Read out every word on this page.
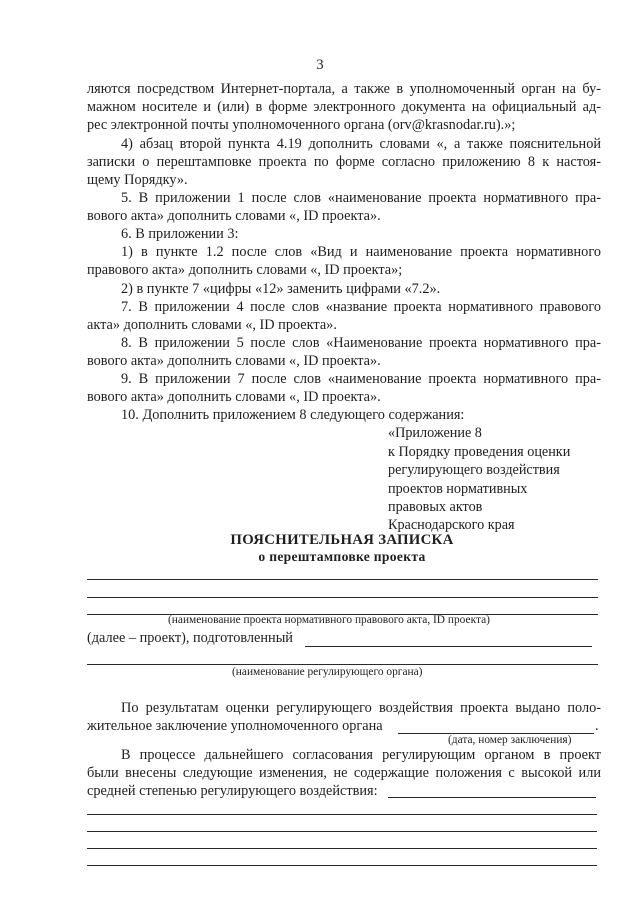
3
ляются посредством Интернет-портала, а также в уполномоченный орган на бу-
мажном носителе и (или) в форме электронного документа на официальный ад-
рес электронной почты уполномоченного органа (orv@krasnodar.ru).»;
4) абзац второй пункта 4.19 дополнить словами «, а также пояснительной
записки о перештамповке проекта по форме согласно приложению 8 к настоя-
щему Порядку».
5. В приложении 1 после слов «наименование проекта нормативного пра-
вового акта» дополнить словами «, ID проекта».
6. В приложении 3:
1) в пункте 1.2 после слов «Вид и наименование проекта нормативного
правового акта» дополнить словами «, ID проекта»;
2) в пункте 7 «цифры «12» заменить цифрами «7.2».
7. В приложении 4 после слов «название проекта нормативного правового
акта» дополнить словами «, ID проекта».
8. В приложении 5 после слов «Наименование проекта нормативного пра-
вового акта» дополнить словами «, ID проекта».
9. В приложении 7 после слов «наименование проекта нормативного пра-
вового акта» дополнить словами «, ID проекта».
10. Дополнить приложением 8 следующего содержания:
«Приложение 8
к Порядку проведения оценки
регулирующего воздействия
проектов нормативных
правовых актов
Краснодарского края
ПОЯСНИТЕЛЬНАЯ ЗАПИСКА
о перештамповке проекта
(наименование проекта нормативного правового акта, ID проекта)
(далее – проект), подготовленный
(наименование регулирующего органа)
По результатам оценки регулирующего воздействия проекта выдано поло-
жительное заключение уполномоченного органа	.
(дата, номер заключения)
В процессе дальнейшего согласования регулирующим органом в проект
были внесены следующие изменения, не содержащие положения с высокой или
средней степенью регулирующего воздействия:
